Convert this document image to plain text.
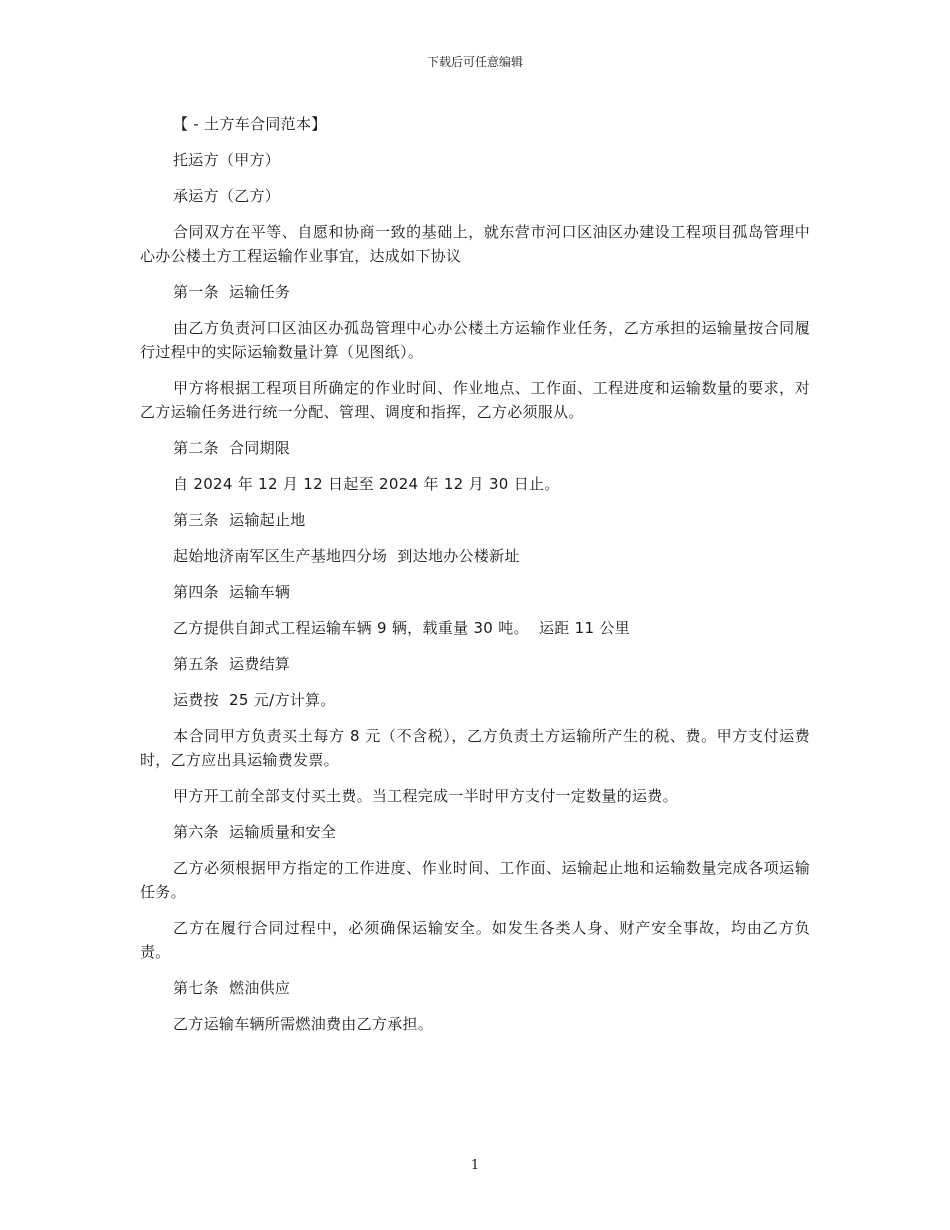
下载后可任意编辑

【 - 土方车合同范本】

托运方（甲方）

承运方（乙方）

合同双方在平等、自愿和协商一致的基础上，就东营市河口区油区办建设工程项目孤岛管理中心办公楼土方工程运输作业事宜，达成如下协议

第一条  运输任务

由乙方负责河口区油区办孤岛管理中心办公楼土方运输作业任务，乙方承担的运输量按合同履行过程中的实际运输数量计算（见图纸）。

甲方将根据工程项目所确定的作业时间、作业地点、工作面、工程进度和运输数量的要求，对乙方运输任务进行统一分配、管理、调度和指挥，乙方必须服从。

第二条  合同期限

自 2024 年 12 月 12 日起至 2024 年 12 月 30 日止。

第三条  运输起止地

起始地济南军区生产基地四分场  到达地办公楼新址

第四条  运输车辆

乙方提供自卸式工程运输车辆 9 辆，载重量 30 吨。  运距 11 公里

第五条  运费结算

运费按  25 元/方计算。

本合同甲方负责买土每方 8 元（不含税），乙方负责土方运输所产生的税、费。甲方支付运费时，乙方应出具运输费发票。

甲方开工前全部支付买土费。当工程完成一半时甲方支付一定数量的运费。

第六条  运输质量和安全

乙方必须根据甲方指定的工作进度、作业时间、工作面、运输起止地和运输数量完成各项运输任务。

乙方在履行合同过程中，必须确保运输安全。如发生各类人身、财产安全事故，均由乙方负责。

第七条  燃油供应

乙方运输车辆所需燃油费由乙方承担。

1
